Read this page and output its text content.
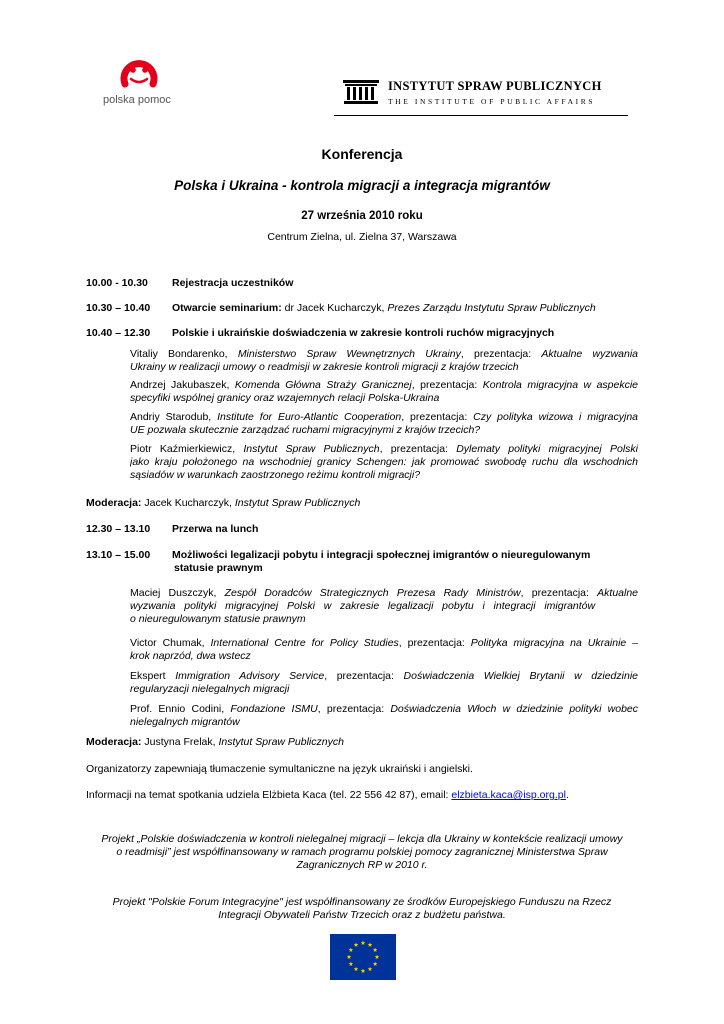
polska pomoc
INSTYTUT SPRAW PUBLICZNYCH
THE INSTITUTE OF PUBLIC AFFAIRS
Konferencja
Polska i Ukraina - kontrola migracji a integracja migrantów
27 września 2010 roku
Centrum Zielna, ul. Zielna 37, Warszawa
10.00 - 10.30 Rejestracja uczestników
10.30 – 10.40 Otwarcie seminarium: dr Jacek Kucharczyk, Prezes Zarządu Instytutu Spraw Publicznych
10.40 – 12.30 Polskie i ukraińskie doświadczenia w zakresie kontroli ruchów migracyjnych
Vitaliy Bondarenko, Ministerstwo Spraw Wewnętrznych Ukrainy, prezentacja: Aktualne wyzwania
Ukrainy w realizacji umowy o readmisji w zakresie kontroli migracji z krajów trzecich
Andrzej Jakubaszek, Komenda Główna Straży Granicznej, prezentacja: Kontrola migracyjna w aspekcie
specyfiki wspólnej granicy oraz wzajemnych relacji Polska-Ukraina
Andriy Starodub, Institute for Euro-Atlantic Cooperation, prezentacja: Czy polityka wizowa i migracyjna
UE pozwala skutecznie zarządzać ruchami migracyjnymi z krajów trzecich?
Piotr Kaźmierkiewicz, Instytut Spraw Publicznych, prezentacja: Dylematy polityki migracyjnej Polski
jako kraju położonego na wschodniej granicy Schengen: jak promować swobodę ruchu dla wschodnich
sąsiadów w warunkach zaostrzonego reżimu kontroli migracji?
Moderacja: Jacek Kucharczyk, Instytut Spraw Publicznych
12.30 – 13.10 Przerwa na lunch
13.10 – 15.00 Możliwości legalizacji pobytu i integracji społecznej imigrantów o nieuregulowanym
statusie prawnym
Maciej Duszczyk, Zespół Doradców Strategicznych Prezesa Rady Ministrów, prezentacja: Aktualne
wyzwania   polityki   migracyjnej   Polski   w   zakresie   legalizacji   pobytu   i   integracji   imigrantów
o nieuregulowanym statusie prawnym
Victor Chumak, International Centre for Policy Studies, prezentacja: Polityka migracyjna na Ukrainie –
krok naprzód, dwa wstecz
Ekspert Immigration Advisory Service, prezentacja: Doświadczenia Wielkiej Brytanii w dziedzinie
regularyzacji nielegalnych migracji
Prof. Ennio Codini, Fondazione ISMU, prezentacja: Doświadczenia Włoch w dziedzinie polityki wobec
nielegalnych migrantów
Moderacja: Justyna Frelak, Instytut Spraw Publicznych
Organizatorzy zapewniają tłumaczenie symultaniczne na język ukraiński i angielski.
Informacji na temat spotkania udziela Elżbieta Kaca (tel. 22 556 42 87), email: elzbieta.kaca@isp.org.pl.
Projekt „Polskie doświadczenia w kontroli nielegalnej migracji – lekcja dla Ukrainy w kontekście realizacji umowy
o readmisji” jest współfinansowany w ramach programu polskiej pomocy zagranicznej Ministerstwa Spraw
Zagranicznych RP w 2010 r.
Projekt "Polskie Forum Integracyjne" jest współfinansowany ze środków Europejskiego Funduszu na Rzecz
Integracji Obywateli Państw Trzecich oraz z budżetu państwa.
